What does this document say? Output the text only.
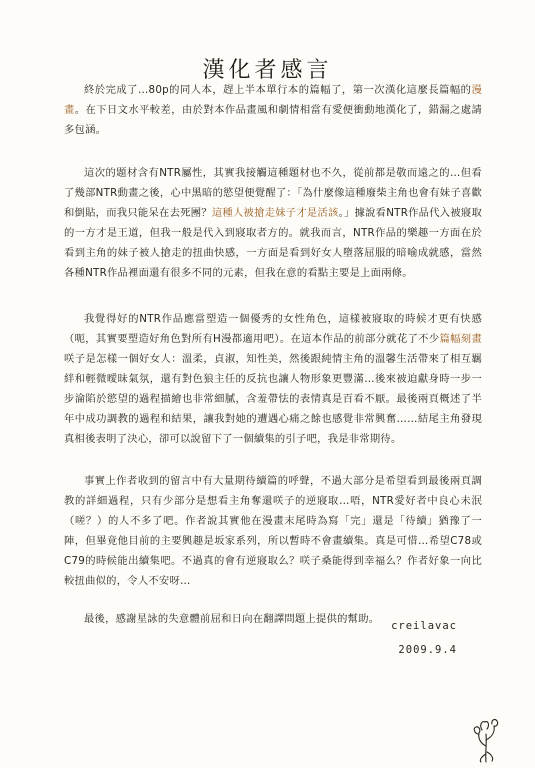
漢化者感言

終於完成了…80p的同人本，趕上半本單行本的篇幅了，第一次漢化這麼長篇幅的漫畫。在下日文水平較差，由於對本作品畫風和劇情相當有愛便衝動地漢化了，錯漏之處請多包涵。

這次的題材含有NTR屬性，其實我接觸這種題材也不久，從前都是敬而遠之的…但看了幾部NTR動畫之後，心中黑暗的慾望便覺醒了：「為什麼像這種廢柴主角也會有妹子喜歡和倒貼，而我只能呆在去死團？這種人被搶走妹子才是活該。」據說看NTR作品代入被寢取的一方才是王道，但我一般是代入到寢取者方的。就我而言，NTR作品的樂趣一方面在於看到主角的妹子被人搶走的扭曲快感，一方面是看到好女人墮落屈服的暗喻成就感，當然各種NTR作品裡面還有很多不同的元素，但我在意的看點主要是上面兩條。

我覺得好的NTR作品應當塑造一個優秀的女性角色，這樣被寢取的時候才更有快感（呃，其實要塑造好角色對所有H漫都適用吧）。在這本作品的前部分就花了不少篇幅刻畫咲子是怎樣一個好女人：溫柔，貞淑，知性美，然後跟純情主角的溫馨生活帶來了相互羈絆和輕微曖昧氣氛，還有對色狼主任的反抗也讓人物形象更豐滿…後來被迫獻身時一步一步淪陷於慾望的過程描繪也非常細膩，含羞帶怯的表情真是百看不厭。最後兩頁概述了半年中成功調教的過程和結果，讓我對她的遭遇心痛之餘也感覺非常興奮……結尾主角發現真相後表明了決心，卻可以說留下了一個續集的引子吧，我是非常期待。

事實上作者收到的留言中有大量期待續篇的呼聲，不過大部分是希望看到最後兩頁調教的詳細過程，只有少部分是想看主角奪還咲子的逆寢取…唔，NTR愛好者中良心未泯（嗟？）的人不多了吧。作者說其實他在漫畫末尾時為寫「完」還是「待續」猶豫了一陣，但畢竟他目前的主要興趣是坂家系列，所以暫時不會畫續集。真是可惜…希望C78或C79的時候能出續集吧。不過真的會有逆寢取么？咲子桑能得到幸福么？作者好象一向比較扭曲似的，令人不安呀…

最後，感謝星詠的失意體前屈和日向在翻譯問題上提供的幫助。

creilavac
2009.9.4
